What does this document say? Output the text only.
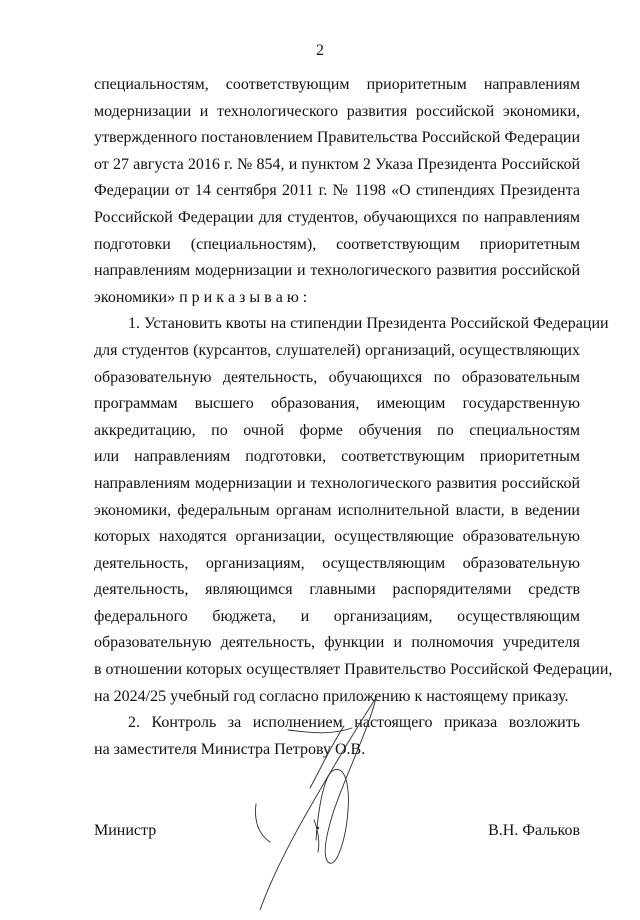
2
специальностям, соответствующим приоритетным направлениям
модернизации и технологического развития российской экономики,
утвержденного постановлением Правительства Российской Федерации
от 27 августа 2016 г. № 854, и пунктом 2 Указа Президента Российской
Федерации от 14 сентября 2011 г. № 1198 «О стипендиях Президента
Российской Федерации для студентов, обучающихся по направлениям
подготовки (специальностям), соответствующим приоритетным
направлениям модернизации и технологического развития российской
экономики» п р и к а з ы в а ю :
1. Установить квоты на стипендии Президента Российской Федерации
для студентов (курсантов, слушателей) организаций, осуществляющих
образовательную деятельность, обучающихся по образовательным
программам высшего образования, имеющим государственную
аккредитацию, по очной форме обучения по специальностям
или направлениям подготовки, соответствующим приоритетным
направлениям модернизации и технологического развития российской
экономики, федеральным органам исполнительной власти, в ведении
которых находятся организации, осуществляющие образовательную
деятельность, организациям, осуществляющим образовательную
деятельность, являющимся главными распорядителями средств
федерального бюджета, и организациям, осуществляющим
образовательную деятельность, функции и полномочия учредителя
в отношении которых осуществляет Правительство Российской Федерации,
на 2024/25 учебный год согласно приложению к настоящему приказу.
2. Контроль за исполнением настоящего приказа возложить
на заместителя Министра Петрову О.В.
Министр	В.Н. Фальков
